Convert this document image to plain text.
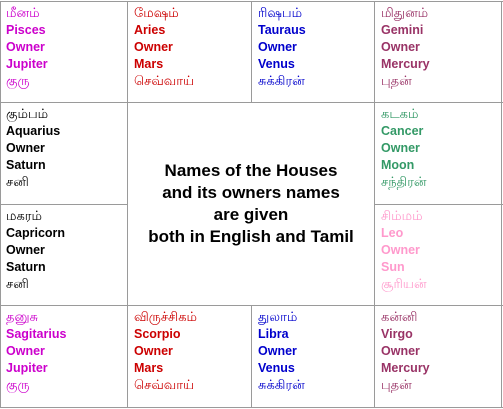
மீனம்
Pisces
Owner
Jupiter
குரு
மேஷம்
Aries
Owner
Mars
செவ்வாய்
ரிஷபம்
Tauraus
Owner
Venus
சுக்கிரன்
மிதுனம்
Gemini
Owner
Mercury
புதன்
கும்பம்
Aquarius
Owner
Saturn
சனி
கடகம்
Cancer
Owner
Moon
சந்திரன்
மகரம்
Capricorn
Owner
Saturn
சனி
சிம்மம்
Leo
Owner
Sun
சூரியன்
தனுசு
Sagitarius
Owner
Jupiter
குரு
விருச்சிகம்
Scorpio
Owner
Mars
செவ்வாய்
துலாம்
Libra
Owner
Venus
சுக்கிரன்
கன்னி
Virgo
Owner
Mercury
புதன்
Names of the Houses
and its owners names
are given
both in English and Tamil
